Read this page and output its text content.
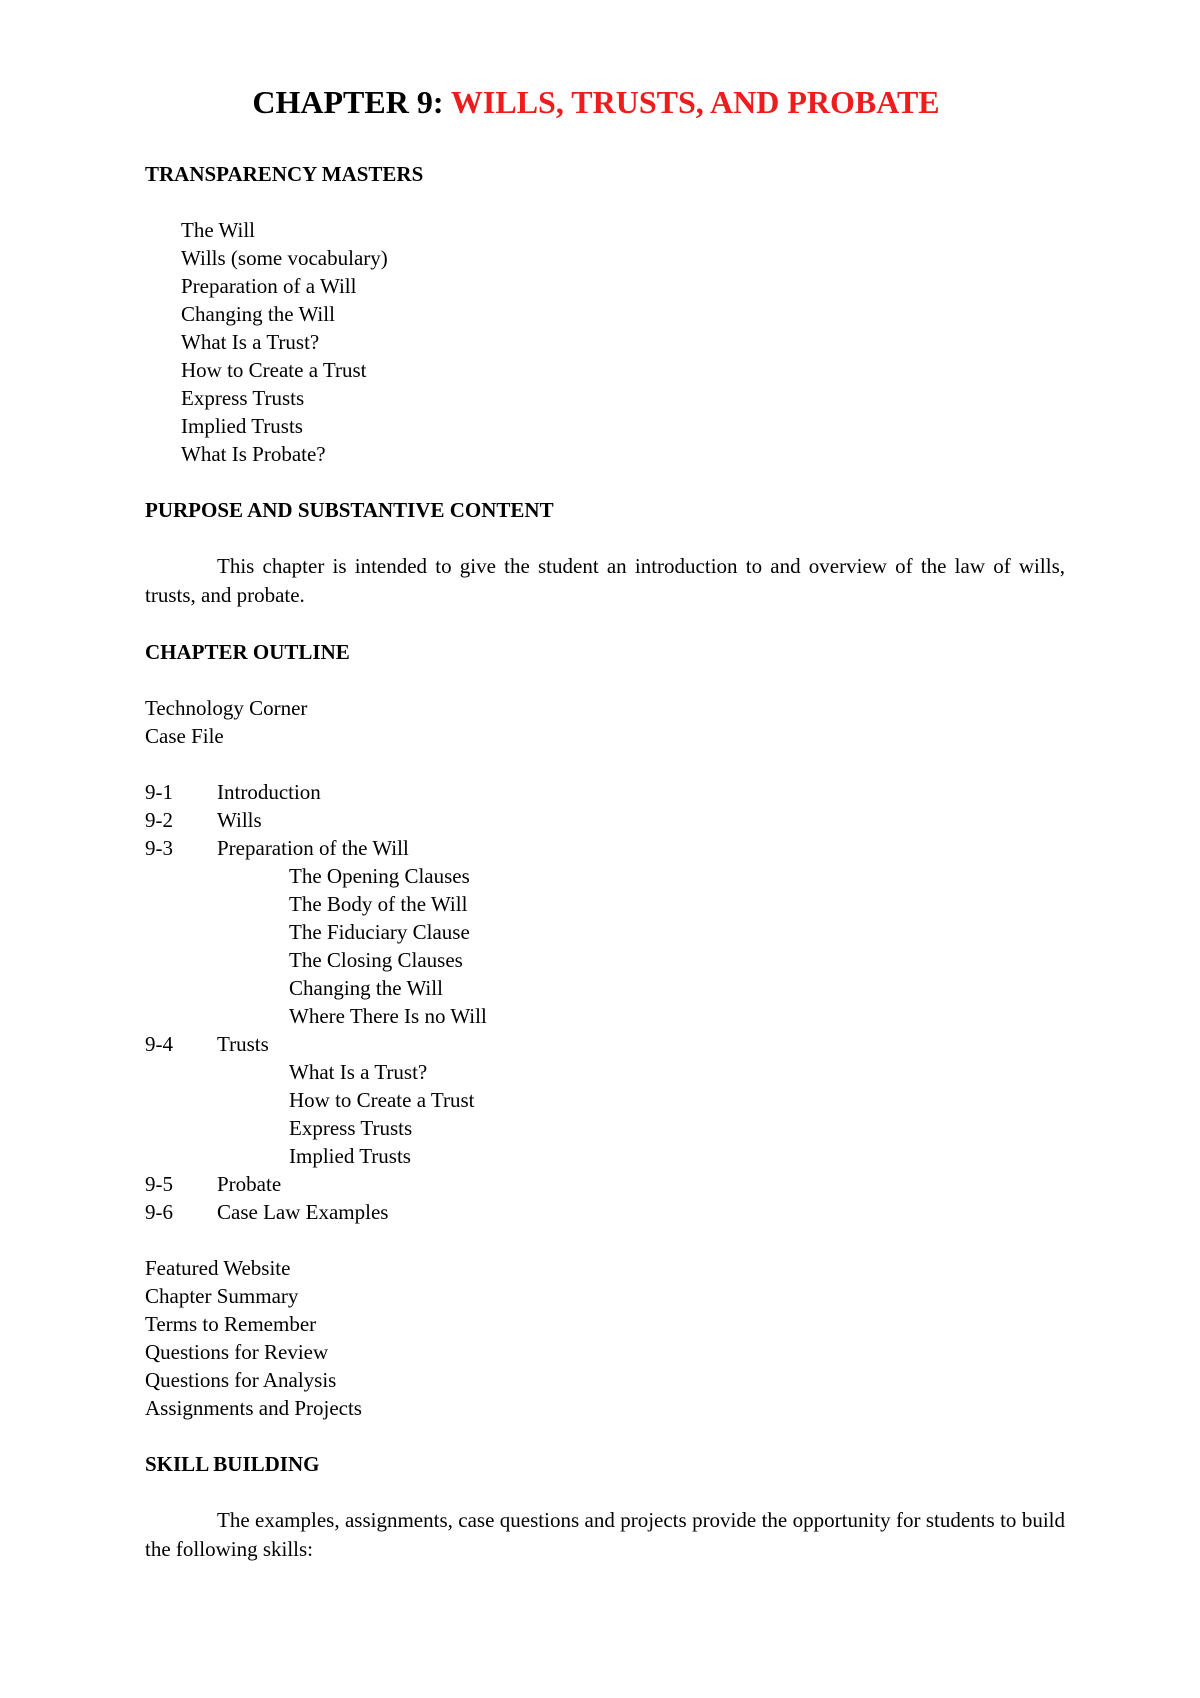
CHAPTER 9: WILLS, TRUSTS, AND PROBATE

TRANSPARENCY MASTERS

The Will

Wills (some vocabulary)

Preparation of a Will

Changing the Will

What Is a Trust?

How to Create a Trust

Express Trusts

Implied Trusts

What Is Probate?

PURPOSE AND SUBSTANTIVE CONTENT

This chapter is intended to give the student an introduction to and overview of the law of wills, trusts, and probate.

CHAPTER OUTLINE

Technology Corner

Case File

9-1	Introduction
9-2	Wills
9-3	Preparation of the Will

The Opening Clauses

The Body of the Will

The Fiduciary Clause

The Closing Clauses

Changing the Will

Where There Is no Will

9-4	Trusts

What Is a Trust?

How to Create a Trust

Express Trusts

Implied Trusts

9-5	Probate
9-6	Case Law Examples

Featured Website

Chapter Summary

Terms to Remember

Questions for Review

Questions for Analysis

Assignments and Projects

SKILL BUILDING

The examples, assignments, case questions and projects provide the opportunity for students to build the following skills:
